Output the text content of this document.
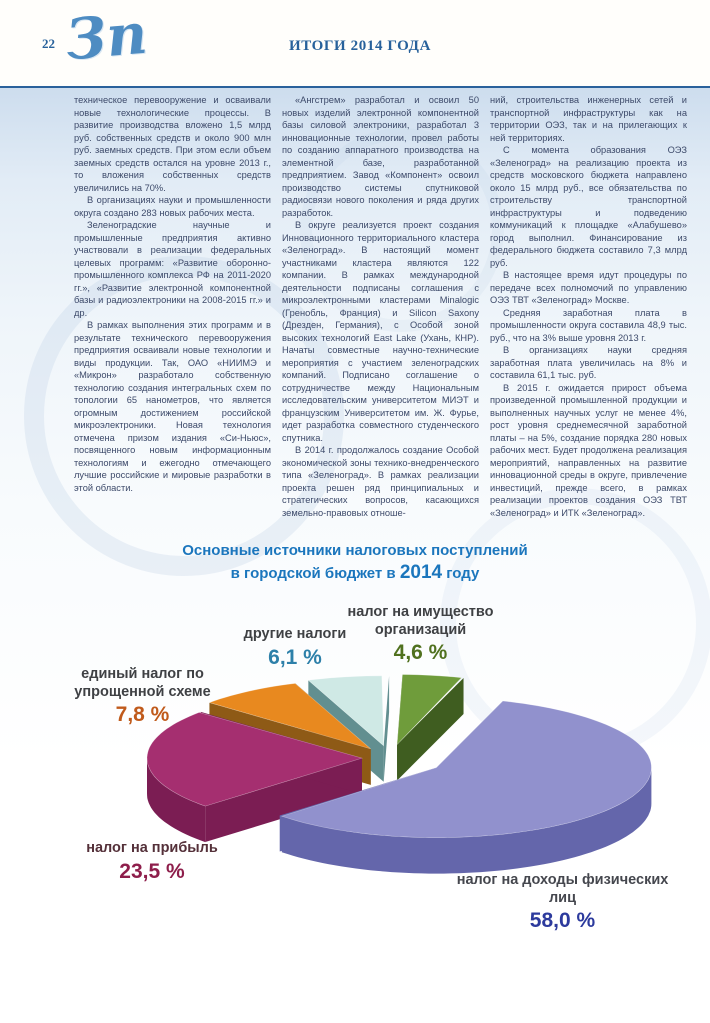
22 Зп	ИТОГИ 2014 ГОДА

техническое перевооружение и осваивали новые технологические процессы. В развитие производства вложено 1,5 млрд руб. собственных средств и около 900 млн руб. заемных средств. При этом если объем заемных средств остался на уровне 2013 г., то вложения собственных средств увеличились на 70%.

В организациях науки и промышленности округа создано 283 новых рабочих места.

Зеленоградские научные и промышленные предприятия активно участвовали в реализации федеральных целевых программ: «Развитие оборонно-промышленного комплекса РФ на 2011-2020 гг.», «Развитие электронной компонентной базы и радиоэлектроники на 2008-2015 гг.» и др.

В рамках выполнения этих программ и в результате технического перевооружения предприятия осваивали новые технологии и виды продукции. Так, ОАО «НИИМЭ и «Микрон» разработало собственную технологию создания интегральных схем по топологии 65 нанометров, что является огромным достижением российской микроэлектроники. Новая технология отмечена призом издания «Си-Ньюс», посвященного новым информационным технологиям и ежегодно отмечающего лучшие российские и мировые разработки в этой области.

«Ангстрем» разработал и освоил 50 новых изделий электронной компонентной базы силовой электроники, разработал 3 инновационные технологии, провел работы по созданию аппаратного производства на элементной базе, разработанной предприятием. Завод «Компонент» освоил производство системы спутниковой радиосвязи нового поколения и ряда других разработок.

В округе реализуется проект создания Инновационного территориального кластера «Зеленоград». В настоящий момент участниками кластера являются 122 компании. В рамках международной деятельности подписаны соглашения с микроэлектронными кластерами Minalogic (Гренобль, Франция) и Silicon Saxony (Дрезден, Германия), с Особой зоной высоких технологий East Lake (Ухань, КНР). Начаты совместные научно-технические мероприятия с участием зеленоградских компаний. Подписано соглашение о сотрудничестве между Национальным исследовательским университетом МИЭТ и французским Университетом им. Ж. Фурье, идет разработка совместного студенческого спутника.

В 2014 г. продолжалось создание Особой экономической зоны технико-внедренческого типа «Зеленоград». В рамках реализации проекта решен ряд принципиальных и стратегических вопросов, касающихся земельно-правовых отноше-

ний, строительства инженерных сетей и транспортной инфраструктуры как на территории ОЭЗ, так и на прилегающих к ней территориях.

С момента образования ОЭЗ «Зеленоград» на реализацию проекта из средств московского бюджета направлено около 15 млрд руб., все обязательства по строительству транспортной инфраструктуры и подведению коммуникаций к площадке «Алабушево» город выполнил. Финансирование из федерального бюджета составило 7,3 млрд руб.

В настоящее время идут процедуры по передаче всех полномочий по управлению ОЭЗ ТВТ «Зеленоград» Москве.

Средняя заработная плата в промышленности округа составила 48,9 тыс. руб., что на 3% выше уровня 2013 г.

В организациях науки средняя заработная плата увеличилась на 8% и составила 61,1 тыс. руб.

В 2015 г. ожидается прирост объема произведенной промышленной продукции и выполненных научных услуг не менее 4%, рост уровня среднемесячной заработной платы – на 5%, создание порядка 280 новых рабочих мест. Будет продолжена реализация мероприятий, направленных на развитие инновационной среды в округе, привлечение инвестиций, прежде всего, в рамках реализации проектов создания ОЭЗ ТВТ «Зеленоград» и ИТК «Зеленоград».

Основные источники налоговых поступлений
в городской бюджет в 2014 году
налог на имущество организаций
4,6 %
другие налоги
6,1 %
единый налог по упрощенной схеме
7,8 %
налог на прибыль
23,5 %	налог на доходы физических лиц
58,0 %
